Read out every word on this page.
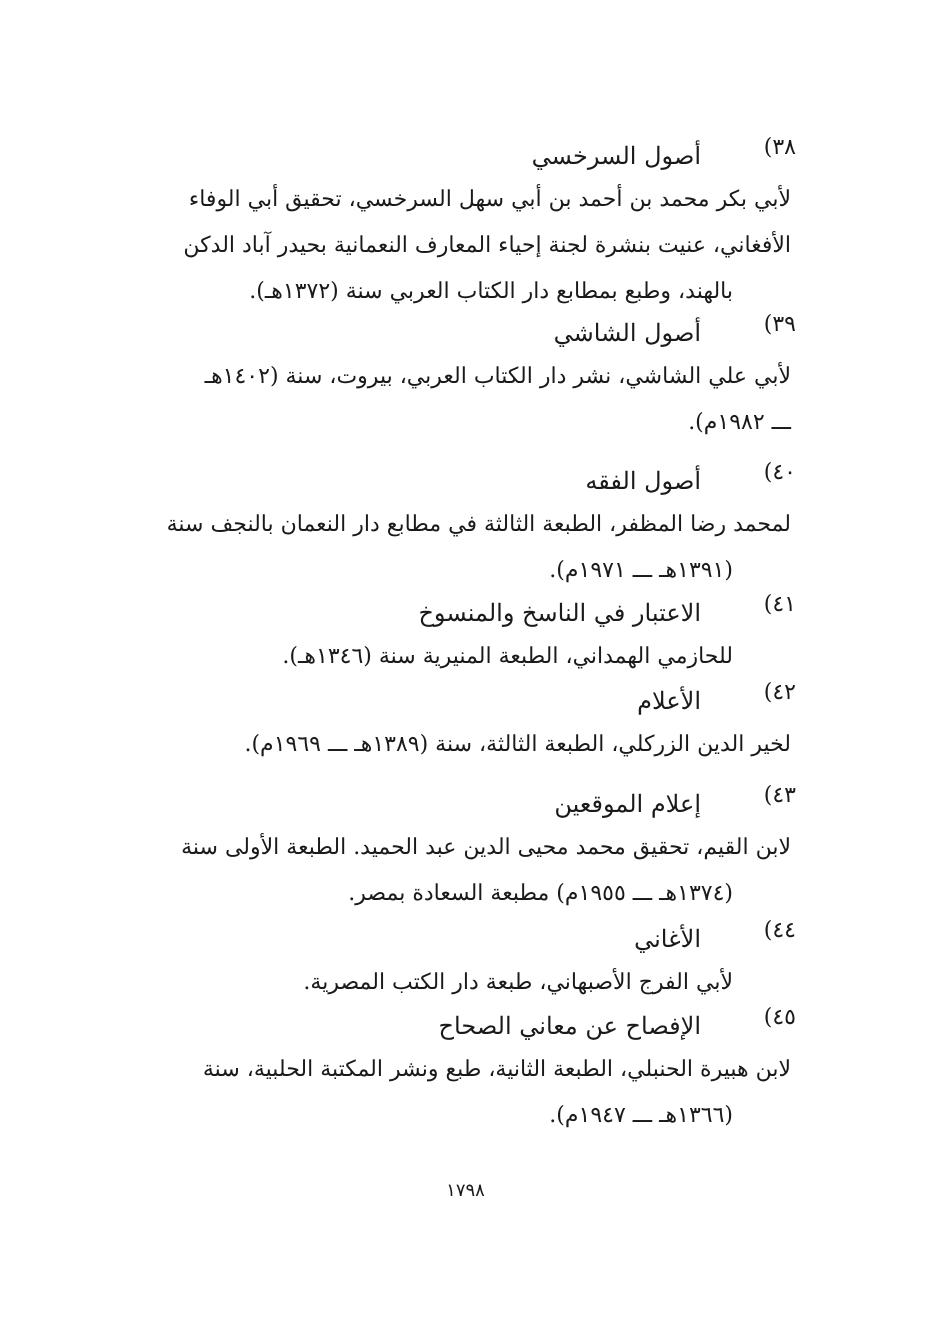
٣٨)
أصول السرخسي
لأبي بكر محمد بن أحمد بن أبي سهل السرخسي، تحقيق أبي الوفاء
الأفغاني، عنيت بنشرة لجنة إحياء المعارف النعمانية بحيدر آباد الدكن
بالهند، وطبع بمطابع دار الكتاب العربي سنة (١٣٧٢هـ).
٣٩)
أصول الشاشي
لأبي علي الشاشي، نشر دار الكتاب العربي، بيروت، سنة (١٤٠٢هـ
ـــ ١٩٨٢م).
٤٠)
أصول الفقه
لمحمد رضا المظفر، الطبعة الثالثة في مطابع دار النعمان بالنجف سنة
(١٣٩١هـ ـــ ١٩٧١م).
٤١)
الاعتبار في الناسخ والمنسوخ
للحازمي الهمداني، الطبعة المنيرية سنة (١٣٤٦هـ).
٤٢)
الأعلام
لخير الدين الزركلي، الطبعة الثالثة، سنة (١٣٨٩هـ ـــ ١٩٦٩م).
٤٣)
إعلام الموقعين
لابن القيم، تحقيق محمد محيى الدين عبد الحميد. الطبعة الأولى سنة
(١٣٧٤هـ ـــ ١٩٥٥م) مطبعة السعادة بمصر.
٤٤)
الأغاني
لأبي الفرج الأصبهاني، طبعة دار الكتب المصرية.
٤٥)
الإفصاح عن معاني الصحاح
لابن هبيرة الحنبلي، الطبعة الثانية، طبع ونشر المكتبة الحلبية، سنة
(١٣٦٦هـ ـــ ١٩٤٧م).
١٧٩٨
